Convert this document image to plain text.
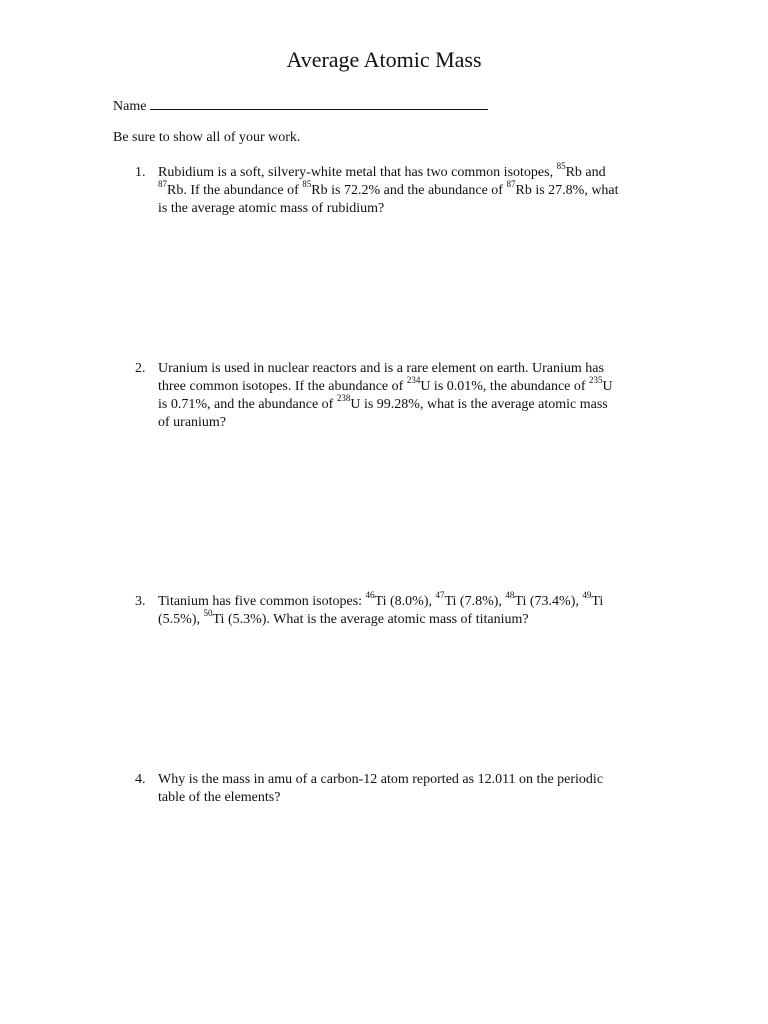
Average Atomic Mass
Name
Be sure to show all of your work.
1. Rubidium is a soft, silvery-white metal that has two common isotopes, $^{85}$Rb and
$^{87}$Rb. If the abundance of $^{85}$Rb is 72.2% and the abundance of $^{87}$Rb is 27.8%, what
is the average atomic mass of rubidium?
2. Uranium is used in nuclear reactors and is a rare element on earth. Uranium has
three common isotopes. If the abundance of $^{234}$U is 0.01%, the abundance of $^{235}$U
is 0.71%, and the abundance of $^{238}$U is 99.28%, what is the average atomic mass
of uranium?
3. Titanium has five common isotopes: $^{46}$Ti (8.0%), $^{47}$Ti (7.8%), $^{48}$Ti (73.4%), $^{49}$Ti
(5.5%), $^{50}$Ti (5.3%). What is the average atomic mass of titanium?
4. Why is the mass in amu of a carbon-12 atom reported as 12.011 on the periodic
table of the elements?
